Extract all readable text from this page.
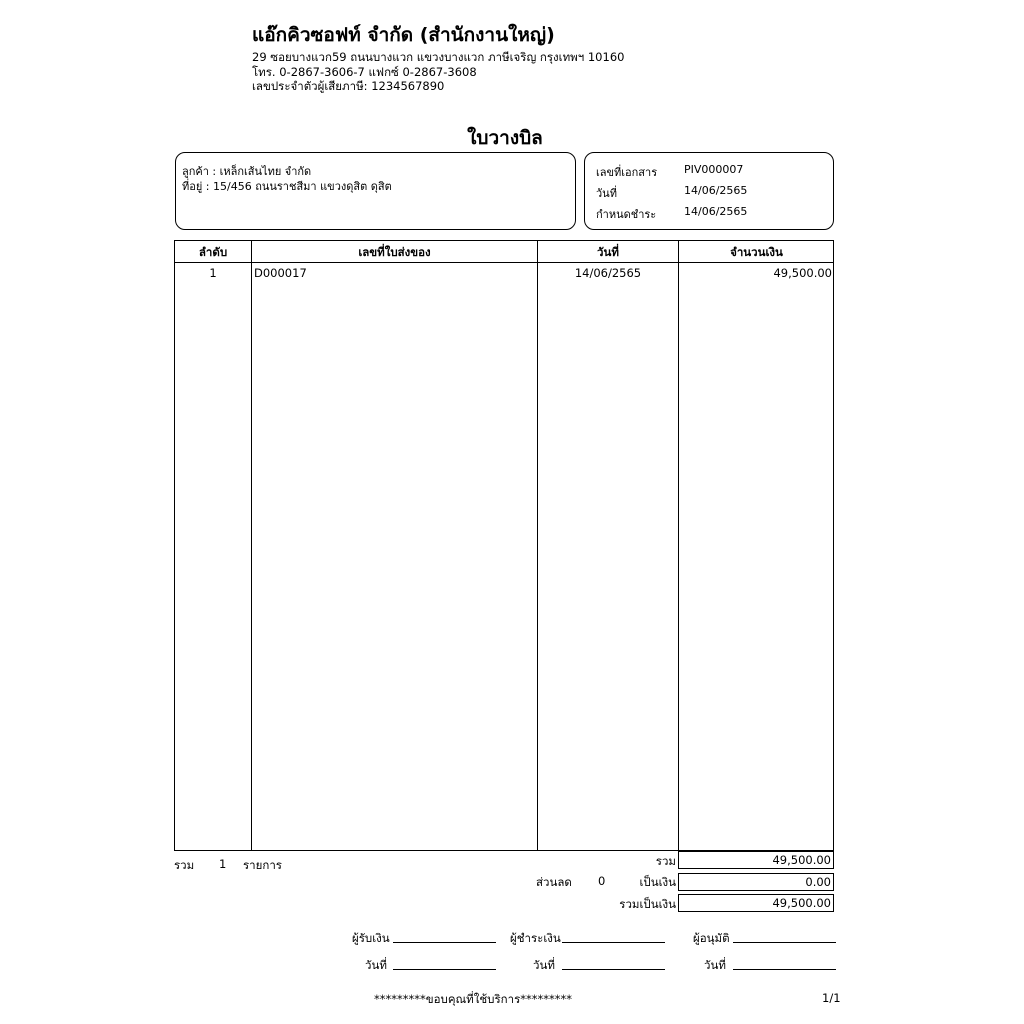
แอ๊กคิวซอฟท์ จำกัด (สำนักงานใหญ่)
29 ซอยบางแวก59 ถนนบางแวก แขวงบางแวก ภาษีเจริญ กรุงเทพฯ 10160
โทร. 0-2867-3606-7 แฟกซ์ 0-2867-3608
เลขประจำตัวผู้เสียภาษี: 1234567890
ใบวางบิล
ลูกค้า : เหล็กเส้นไทย จำกัด
ที่อยู่ : 15/456 ถนนราชสีมา แขวงดุสิต ดุสิต
เลขที่เอกสาร PIV000007
วันที่	14/06/2565
กำหนดชำระ	14/06/2565
ลำดับ	เลขที่ใบส่งของ	วันที่	จำนวนเงิน
1	D000017	14/06/2565	49,500.00
รวม 1 รายการ	รวม	49,500.00
ส่วนลด 0	เป็นเงิน	0.00
รวมเป็นเงิน	49,500.00
ผู้รับเงิน	ผู้ชำระเงิน	ผู้อนุมัติ
วันที่	วันที่	วันที่
*********ขอบคุณที่ใช้บริการ*********	1/1
